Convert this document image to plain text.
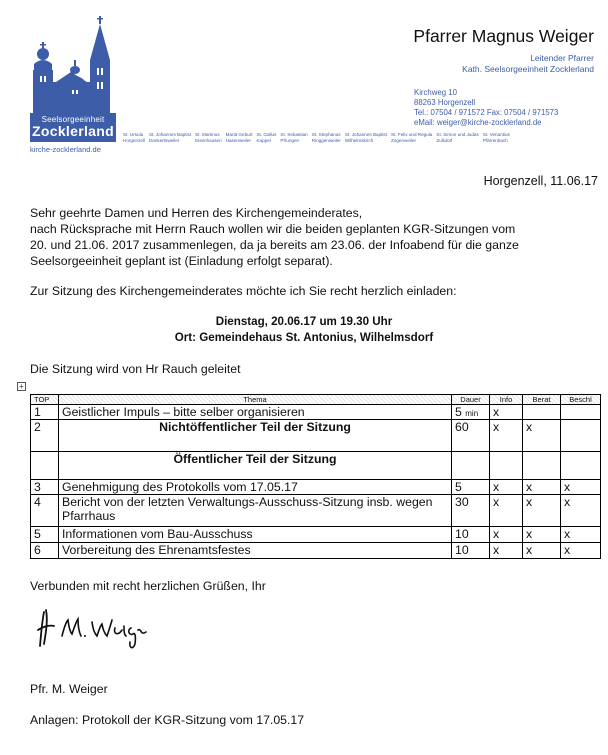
Seelsorgeeinheit
Zocklerland
kirche-zocklerland.de
St. Ursula
Horgenzell
St. Johannes Baptist
Dankertsweiler
St. Martinus
Eisenhausen
Mariä Geburt
Hasenweiler
St. Gallus
Kappel
St. Sebastian
Pfrungen
St. Stephanus
Ringgenweiler
St. Johannes Baptist
Wilhelmskirch
St. Felix und Regula
Zogenweiler
St. Simon und Judas
Zußdorf
St. Venantius
Pfärrenbach
Pfarrer Magnus Weiger
Leitender Pfarrer
Kath. Seelsorgeeinheit Zocklerland
Kirchweg 10
88263 Horgenzell
Tel.: 07504 / 971572 Fax: 07504 / 971573
eMail: weiger@kirche-zocklerland.de
Horgenzell, 11.06.17
Sehr geehrte Damen und Herren des Kirchengemeinderates,
nach Rücksprache mit Herrn Rauch wollen wir die beiden geplanten KGR-Sitzungen vom
20. und 21.06. 2017 zusammenlegen, da ja bereits am 23.06. der Infoabend für die ganze
Seelsorgeeinheit geplant ist (Einladung erfolgt separat).
Zur Sitzung des Kirchengemeinderates möchte ich Sie recht herzlich einladen:
Dienstag, 20.06.17 um 19.30 Uhr
Ort: Gemeindehaus St. Antonius, Wilhelmsdorf
Die Sitzung wird von Hr Rauch geleitet
+
TOP	Thema	Dauer	Info	Berat	Beschl
1	Geistlicher Impuls – bitte selber organisieren	5 min	x		
2	Nichtöffentlicher Teil der Sitzung	60	x	x	
	Öffentlicher Teil der Sitzung				
3	Genehmigung des Protokolls vom 17.05.17	5	x	x	x
4	Bericht von der letzten Verwaltungs-Ausschuss-Sitzung insb. wegen Pfarrhaus	30	x	x	x
5	Informationen vom Bau-Ausschuss	10	x	x	x
6	Vorbereitung des Ehrenamtsfestes	10	x	x	x
Verbunden mit recht herzlichen Grüßen, Ihr
Pfr. M. Weiger
Anlagen: Protokoll der KGR-Sitzung vom 17.05.17
